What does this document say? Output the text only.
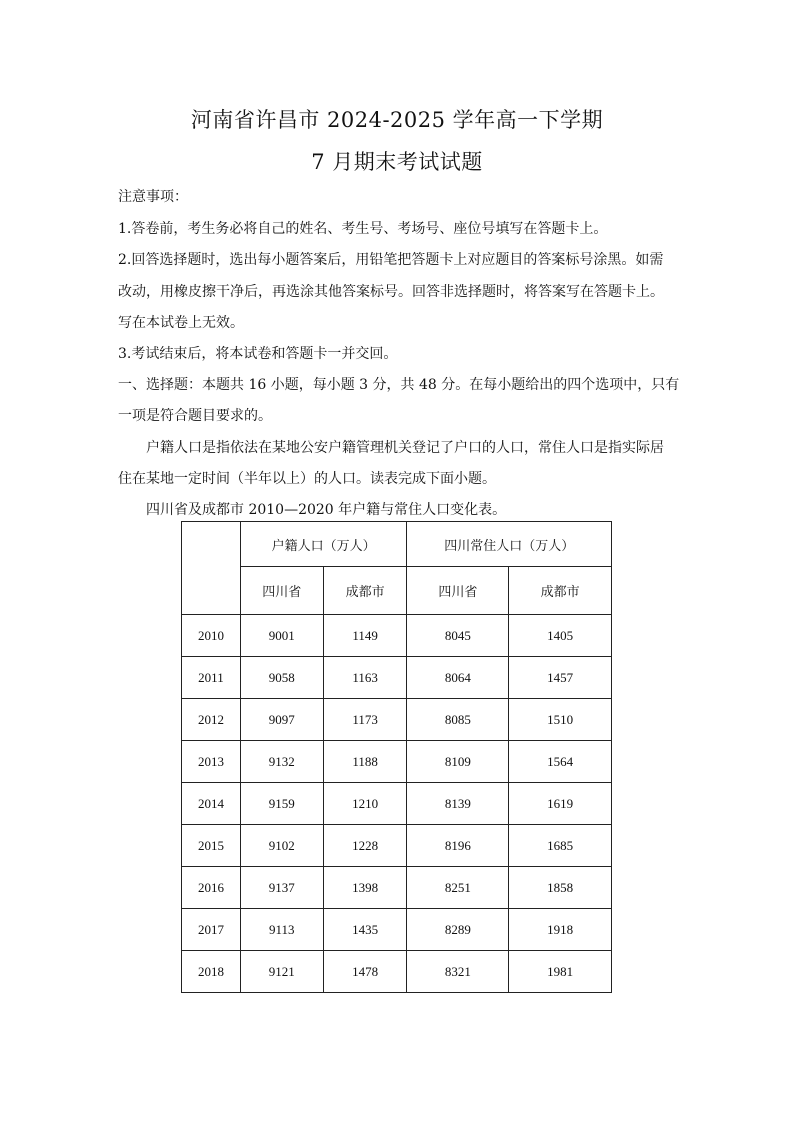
河南省许昌市 2024-2025 学年高一下学期
7 月期末考试试题
注意事项：
1.答卷前，考生务必将自己的姓名、考生号、考场号、座位号填写在答题卡上。
2.回答选择题时，选出每小题答案后，用铅笔把答题卡上对应题目的答案标号涂黑。如需
改动，用橡皮擦干净后，再选涂其他答案标号。回答非选择题时，将答案写在答题卡上。
写在本试卷上无效。
3.考试结束后，将本试卷和答题卡一并交回。
一、选择题：本题共 16 小题，每小题 3 分，共 48 分。在每小题给出的四个选项中，只有
一项是符合题目要求的。
户籍人口是指依法在某地公安户籍管理机关登记了户口的人口，常住人口是指实际居
住在某地一定时间（半年以上）的人口。读表完成下面小题。
四川省及成都市 2010—2020 年户籍与常住人口变化表。
	户籍人口（万人）		四川常住人口（万人）	
	四川省	成都市	四川省	成都市
2010	9001	1149	8045	1405
2011	9058	1163	8064	1457
2012	9097	1173	8085	1510
2013	9132	1188	8109	1564
2014	9159	1210	8139	1619
2015	9102	1228	8196	1685
2016	9137	1398	8251	1858
2017	9113	1435	8289	1918
2018	9121	1478	8321	1981
